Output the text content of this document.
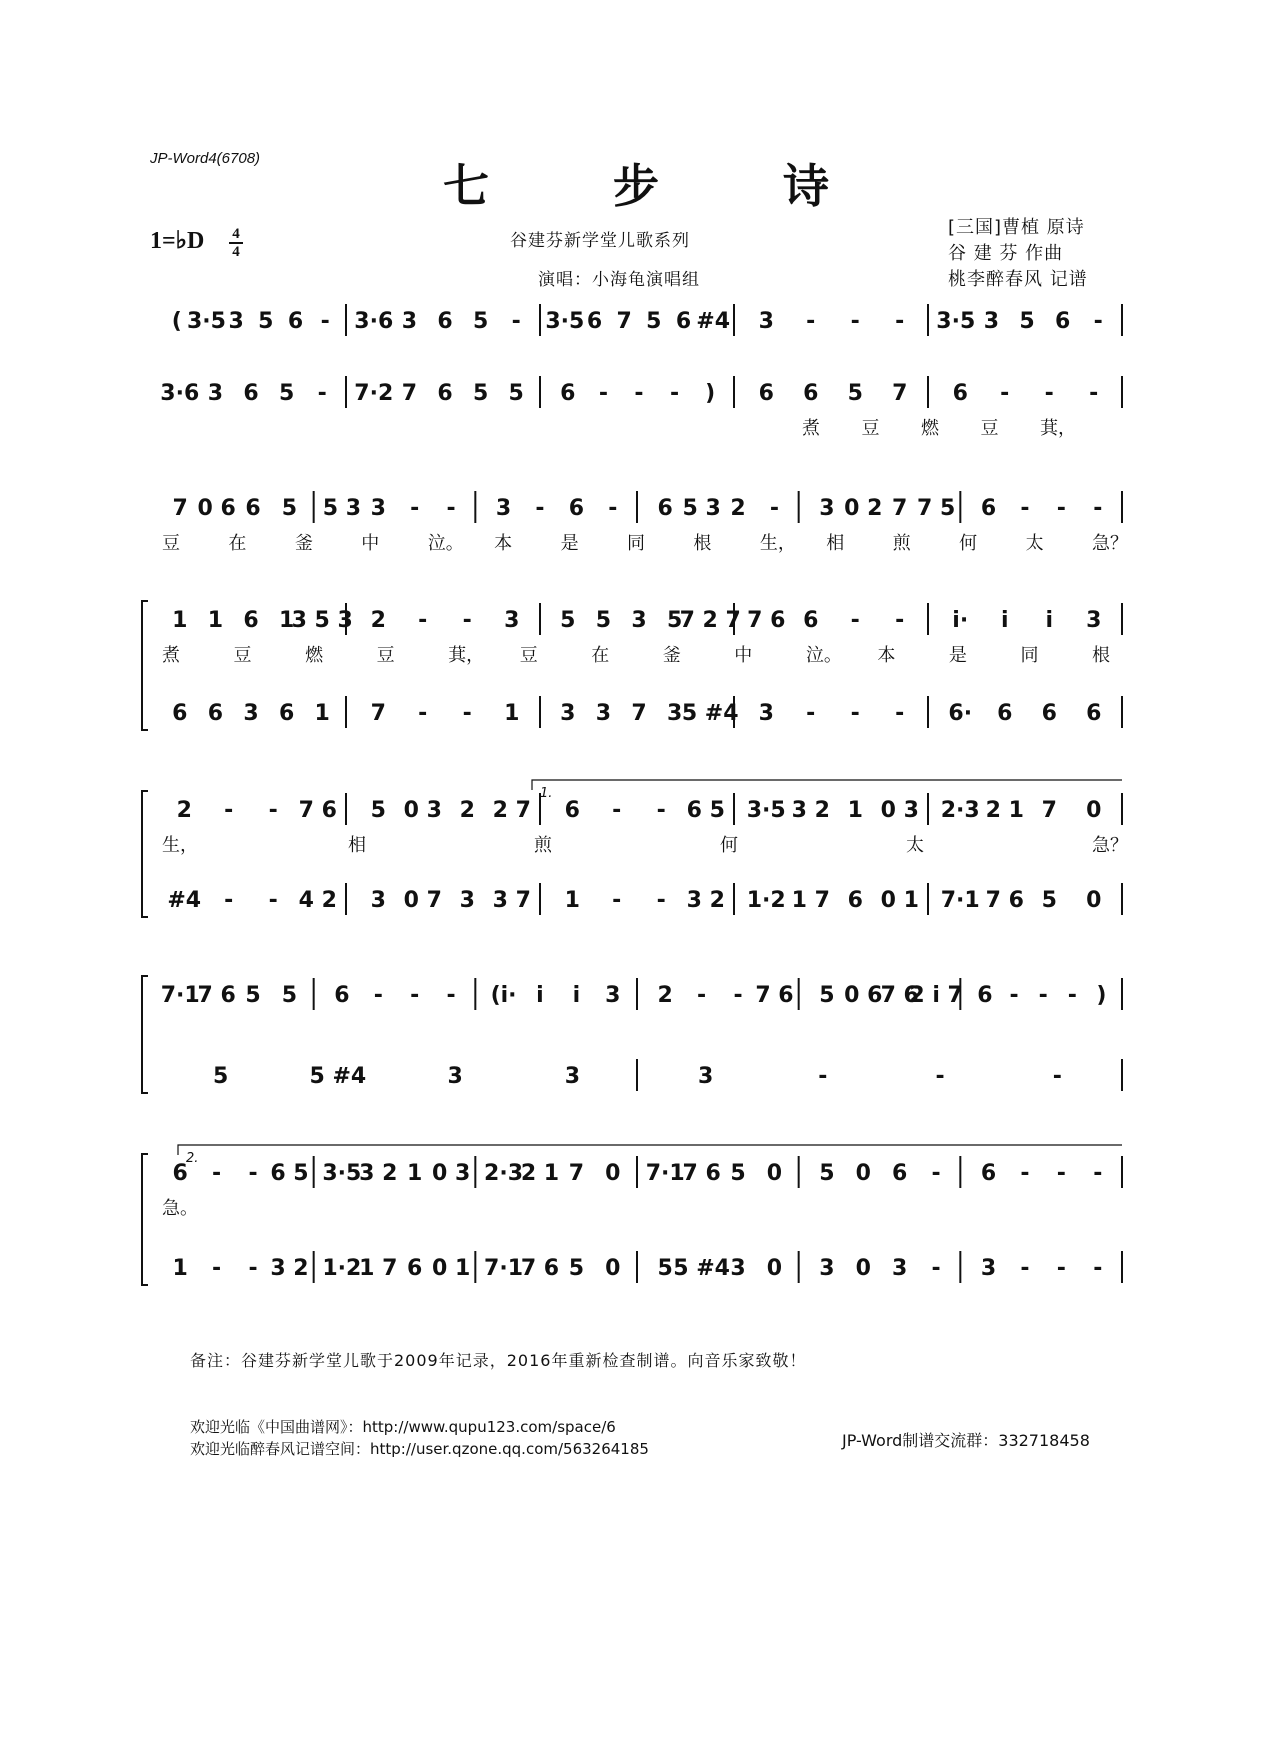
JP-Word4(6708)
七 步 诗
1=♭D 4
4
谷建芬新学堂儿歌系列
演唱：小海龟演唱组
[三国]曹植 原诗
谷 建 芬 作曲
桃李醉春风 记谱
( 3·5 3 5 6 - 3·6 3 6 5 - 3·5 6 7 5 6 #4 3 - - - 3·5 3 5 6 -
3·6 3 6 5 - 7·2 7 6 5 5 6 - - - ) 6 6 5 7 6 - - -
煮 豆 燃 豆 萁，
7 0 6 6 5 5 3 3 - - 3 - 6 - 6 5 3 2 - 3 0 2 7 7 5 6 - - -
豆	在	釜	中	泣。 本	是	同	根	生， 相	煎	何	太	急？
1 1 6 1
3 5 3 2 - - 3 5 5 3 5
7 2 7 7 6 6 - - i· i i 3
煮	豆	燃	豆	萁， 豆	在	釜	中	泣。 本	是	同	根
6 6 3 6 1 7 - - 1 3 3 7 3 5 #4 3 - - - 6· 6 6 6
2 - - 7 6 5 0 3 2 2 7 6 - - 6 5 3·5 3 2 1 0 3 2·3 2 1 7 0
生，	相	煎	何	太	急？
#4 - - 4 2 3 0 7 3 3 7 1 - - 3 2 1·2 1 7 6 0 1 7·1 7 6 5 0
7·1
7 6 5 5 6 - - - (i· i i 3 2 - - 7 6 5 0 6
7 6
2 i 7 6 - - - )
5	5 #4	3	3	3	-	-	-
6 - - 6 5 3·5
3 2 1 0 3 2·3
2 1 7 0 7·1
7 6 5 0 5 0 6 - 6 - - -
急。
1 - - 3 2 1·2
1 7 6 0 1 7·1
7 6 5 0 5 5 #4 3 0 3 0 3 - 3 - - -
1.
2.
备注：谷建芬新学堂儿歌于2009年记录，2016年重新检查制谱。向音乐家致敬！
欢迎光临《中国曲谱网》：http://www.qupu123.com/space/6
欢迎光临醉春风记谱空间：http://user.qzone.qq.com/563264185	JP-Word制谱交流群：332718458
